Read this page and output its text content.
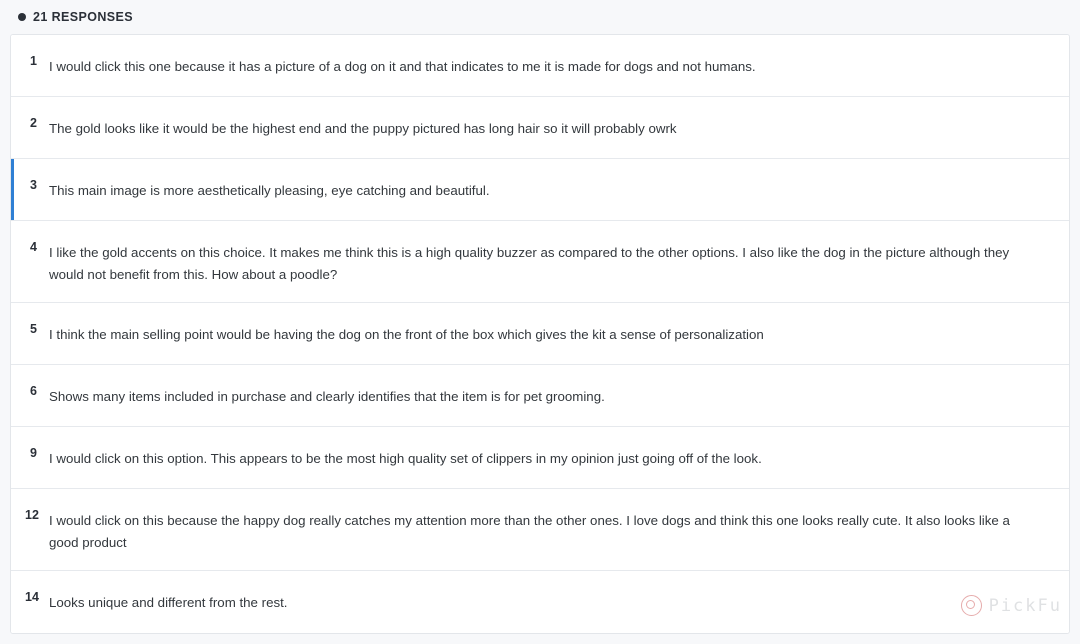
21 RESPONSES
1 I would click this one because it has a picture of a dog on it and that indicates to me it is made for dogs and not humans.
2 The gold looks like it would be the highest end and the puppy pictured has long hair so it will probably owrk
3 This main image is more aesthetically pleasing, eye catching and beautiful.
4 I like the gold accents on this choice. It makes me think this is a high quality buzzer as compared to the other options. I also like the dog in the picture although they would not benefit from this. How about a poodle?
5 I think the main selling point would be having the dog on the front of the box which gives the kit a sense of personalization
6 Shows many items included in purchase and clearly identifies that the item is for pet grooming.
9 I would click on this option. This appears to be the most high quality set of clippers in my opinion just going off of the look.
12 I would click on this because the happy dog really catches my attention more than the other ones. I love dogs and think this one looks really cute. It also looks like a good product
14 Looks unique and different from the rest.	PickFu
